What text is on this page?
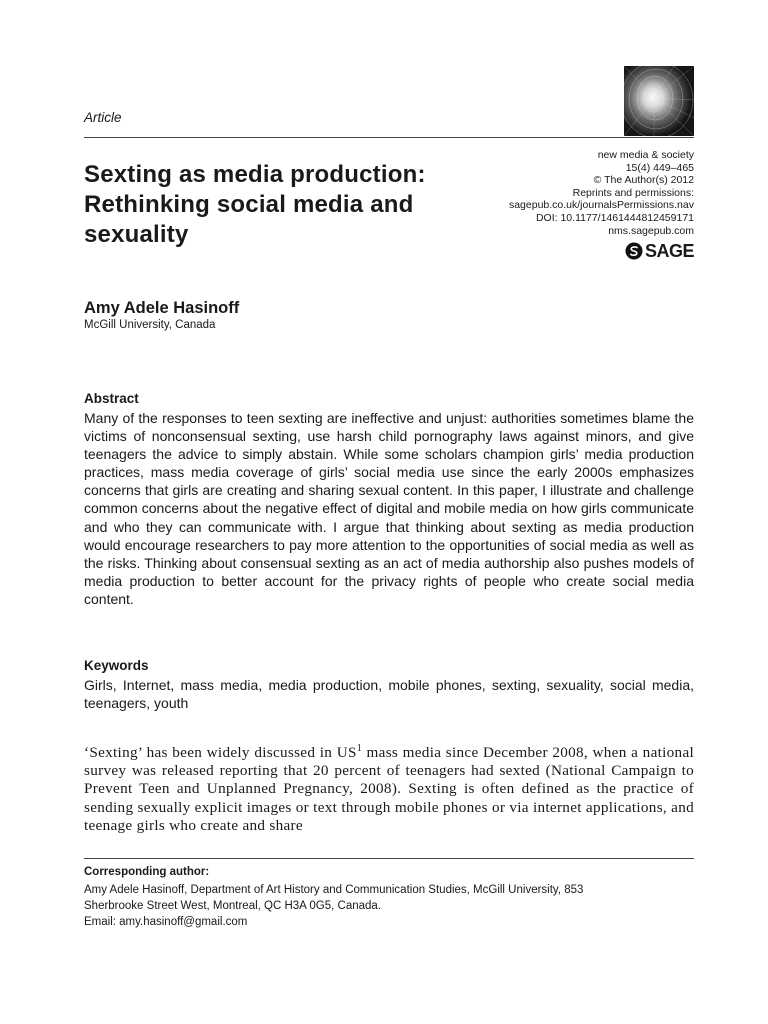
Article
new media & society
15(4) 449–465
© The Author(s) 2012
Reprints and permissions:
sagepub.co.uk/journalsPermissions.nav
DOI: 10.1177/1461444812459171
nms.sagepub.com
SAGE
Sexting as media production:
Rethinking social media and
sexuality
Amy Adele Hasinoff
McGill University, Canada
Abstract
Many of the responses to teen sexting are ineffective and unjust: authorities sometimes blame the victims of nonconsensual sexting, use harsh child pornography laws against minors, and give teenagers the advice to simply abstain. While some scholars champion girls’ media production practices, mass media coverage of girls’ social media use since the early 2000s emphasizes concerns that girls are creating and sharing sexual content. In this paper, I illustrate and challenge common concerns about the negative effect of digital and mobile media on how girls communicate and who they can communicate with. I argue that thinking about sexting as media production would encourage researchers to pay more attention to the opportunities of social media as well as the risks. Thinking about consensual sexting as an act of media authorship also pushes models of media production to better account for the privacy rights of people who create social media content.
Keywords
Girls, Internet, mass media, media production, mobile phones, sexting, sexuality, social media, teenagers, youth
‘Sexting’ has been widely discussed in $US^1$ mass media since December 2008, when a national survey was released reporting that 20 percent of teenagers had sexted (National Campaign to Prevent Teen and Unplanned Pregnancy, 2008). Sexting is often defined as the practice of sending sexually explicit images or text through mobile phones or via internet applications, and teenage girls who create and share
Corresponding author:
Amy Adele Hasinoff, Department of Art History and Communication Studies, McGill University, 853
Sherbrooke Street West, Montreal, QC H3A 0G5, Canada.
Email: amy.hasinoff@gmail.com
